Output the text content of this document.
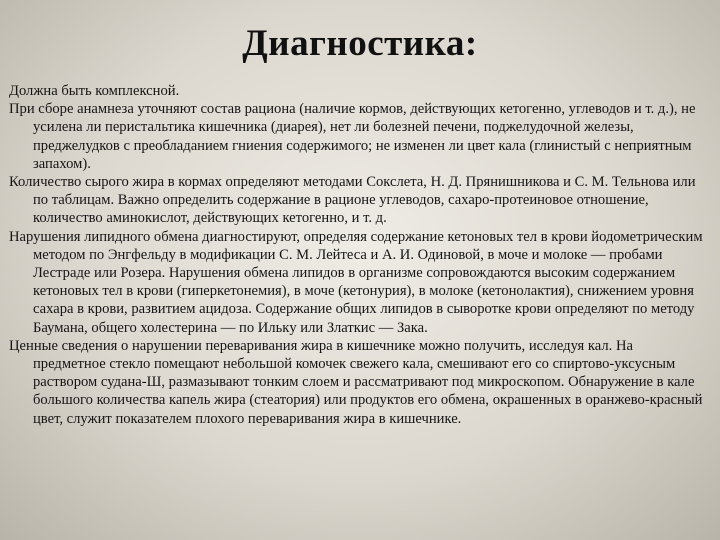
Диагностика:

Должна быть комплексной.

При сборе анамнеза уточняют состав рациона (наличие кормов, действующих кетогенно, углеводов и т. д.), не усилена ли перистальтика кишечника (диарея), нет ли болезней печени, поджелудочной железы, преджелудков с преобладанием гниения содержимого; не изменен ли цвет кала (глинистый с неприятным запахом).

Количество сырого жира в кормах определяют методами Сокслета, Н. Д. Прянишникова и С. М. Тельнова или по таблицам. Важно определить содержание в рационе углеводов, сахаро-протеиновое отношение, количество аминокислот, действующих кетогенно, и т. д.

Нарушения липидного обмена диагностируют, определяя содержание кетоновых тел в крови йодометрическим методом по Энгфельду в модификации С. М. Лейтеса и А. И. Одиновой, в моче и молоке — пробами Лестраде или Розера. Нарушения обмена липидов в организме сопровождаются высоким содержанием кетоновых тел в крови (гиперкетонемия), в моче (кетонурия), в молоке (кетонолактия), снижением уровня сахара в крови, развитием ацидоза. Содержание общих липидов в сыворотке крови определяют по методу Баумана, общего холестерина — по Илькy или Златкис — Зака.

Ценные сведения о нарушении переваривания жира в кишечнике можно получить, исследуя кал. На предметное стекло помещают небольшой комочек свежего кала, смешивают его со спиртово-уксусным раствором судана-Ш, размазывают тонким слоем и рассматривают под микроскопом. Обнаружение в кале большого количества капель жира (стеатория) или продуктов его обмена, окрашенных в оранжево-красный цвет, служит показателем плохого переваривания жира в кишечнике.
